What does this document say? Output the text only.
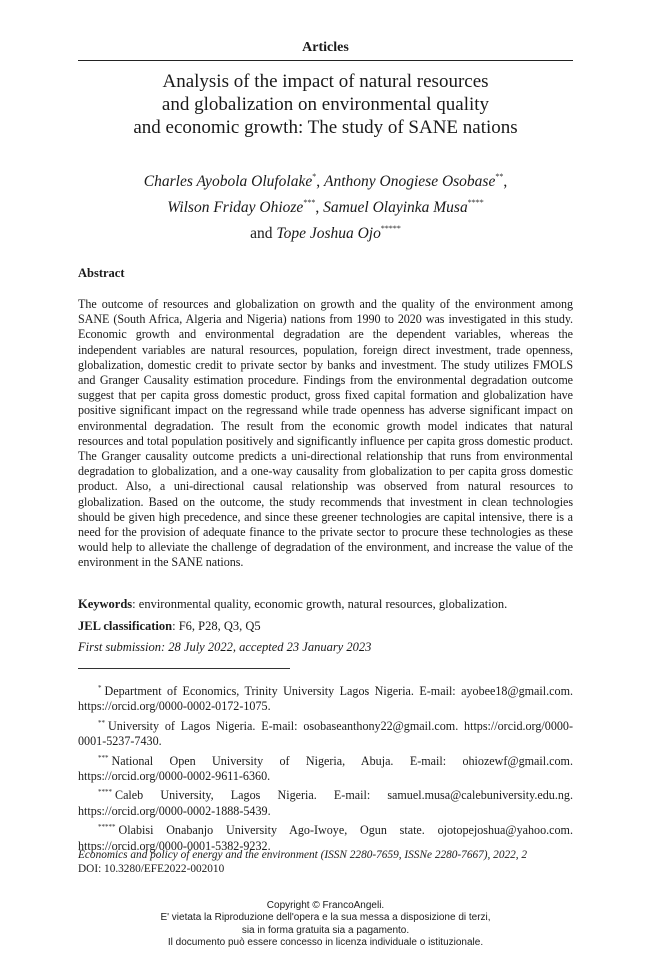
Articles
Analysis of the impact of natural resources
and globalization on environmental quality
and economic growth: The study of SANE nations
Charles Ayobola Olufolake*, Anthony Onogiese Osobase**,
Wilson Friday Ohioze***, Samuel Olayinka Musa****
and Tope Joshua Ojo*****
Abstract
The outcome of resources and globalization on growth and the quality of the environment among SANE (South Africa, Algeria and Nigeria) nations from 1990 to 2020 was investigated in this study. Economic growth and environmental degradation are the dependent variables, whereas the independent variables are natural resources, population, foreign direct investment, trade openness, globalization, domestic credit to private sector by banks and investment. The study utilizes FMOLS and Granger Causality estimation procedure. Findings from the environmental degradation outcome suggest that per capita gross domestic product, gross fixed capital formation and globalization have positive significant impact on the regressand while trade openness has adverse significant impact on environmental degradation. The result from the economic growth model indicates that natural resources and total population positively and significantly influence per capita gross domestic product. The Granger causality outcome predicts a uni-directional relationship that runs from environmental degradation to globalization, and a one-way causality from globalization to per capita gross domestic product. Also, a uni-directional causal relationship was observed from natural resources to globalization. Based on the outcome, the study recommends that investment in clean technologies should be given high precedence, and since these greener technologies are capital intensive, there is a need for the provision of adequate finance to the private sector to procure these technologies as these would help to alleviate the challenge of degradation of the environment, and increase the value of the environment in the SANE nations.
Keywords: environmental quality, economic growth, natural resources, globalization.
JEL classification: F6, P28, Q3, Q5
First submission: 28 July 2022, accepted 23 January 2023

* Department of Economics, Trinity University Lagos Nigeria. E-mail: ayobee18@gmail.com. https://orcid.org/0000-0002-0172-1075.

** University of Lagos Nigeria. E-mail: osobaseanthony22@gmail.com. https://orcid.org/0000-0001-5237-7430.

*** National Open University of Nigeria, Abuja. E-mail: ohiozewf@gmail.com. https://orcid.org/0000-0002-9611-6360.

**** Caleb University, Lagos Nigeria. E-mail: samuel.musa@calebuniversity.edu.ng. https://orcid.org/0000-0002-1888-5439.

***** Olabisi Onabanjo University Ago-Iwoye, Ogun state. ojotopejoshua@yahoo.com. https://orcid.org/0000-0001-5382-9232.

Economics and policy of energy and the environment (ISSN 2280-7659, ISSNe 2280-7667), 2022, 2
DOI: 10.3280/EFE2022-002010
Copyright © FrancoAngeli.
E' vietata la Riproduzione dell'opera e la sua messa a disposizione di terzi,
sia in forma gratuita sia a pagamento.
Il documento può essere concesso in licenza individuale o istituzionale.
